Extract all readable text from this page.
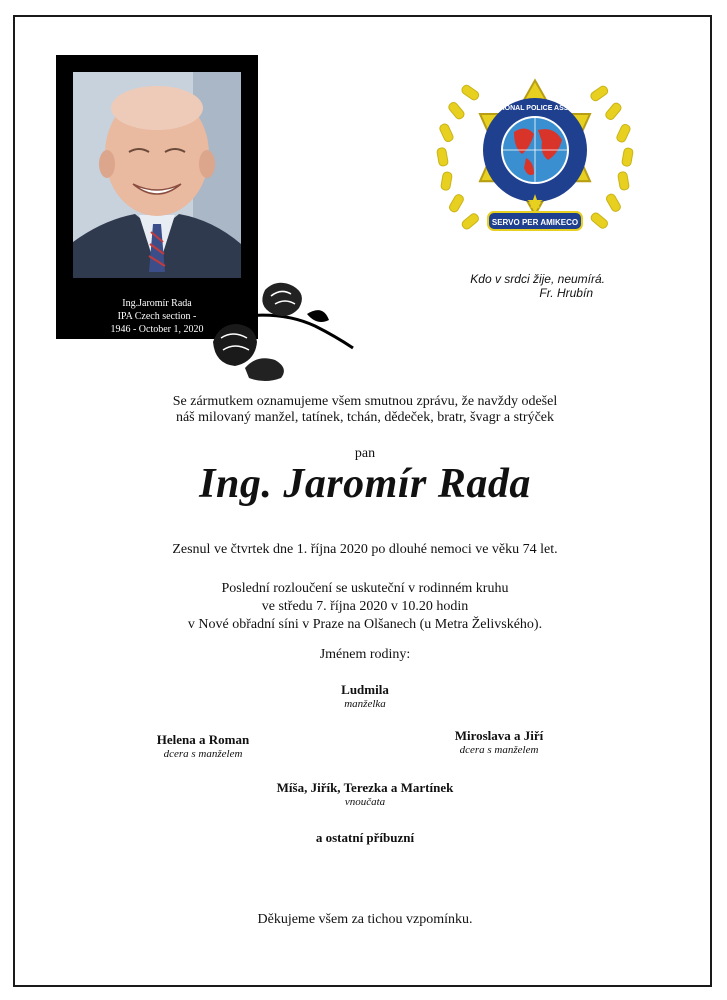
Ing.Jaromír Rada
IPA Czech section -
1946 - October 1, 2020
INTERNATIONAL POLICE ASSOCIATION
SERVO PER AMIKECO
Kdo v srdci žije, neumírá.
Fr. Hrubín
Se zármutkem oznamujeme všem smutnou zprávu, že navždy odešel
náš milovaný manžel, tatínek, tchán, dědeček, bratr, švagr a strýček
pan
Ing. Jaromír Rada
Zesnul ve čtvrtek dne 1. října 2020 po dlouhé nemoci ve věku 74 let.
Poslední rozloučení se uskuteční v rodinném kruhu
ve středu 7. října 2020 v 10.20 hodin
v Nové obřadní síni v Praze na Olšanech (u Metra Želivského).
Jménem rodiny:
Ludmila
manželka
Helena a Roman
dcera s manželem
Miroslava a Jiří
dcera s manželem
Míša, Jiřík, Terezka a Martínek
vnoučata
a ostatní příbuzní
Děkujeme všem za tichou vzpomínku.
